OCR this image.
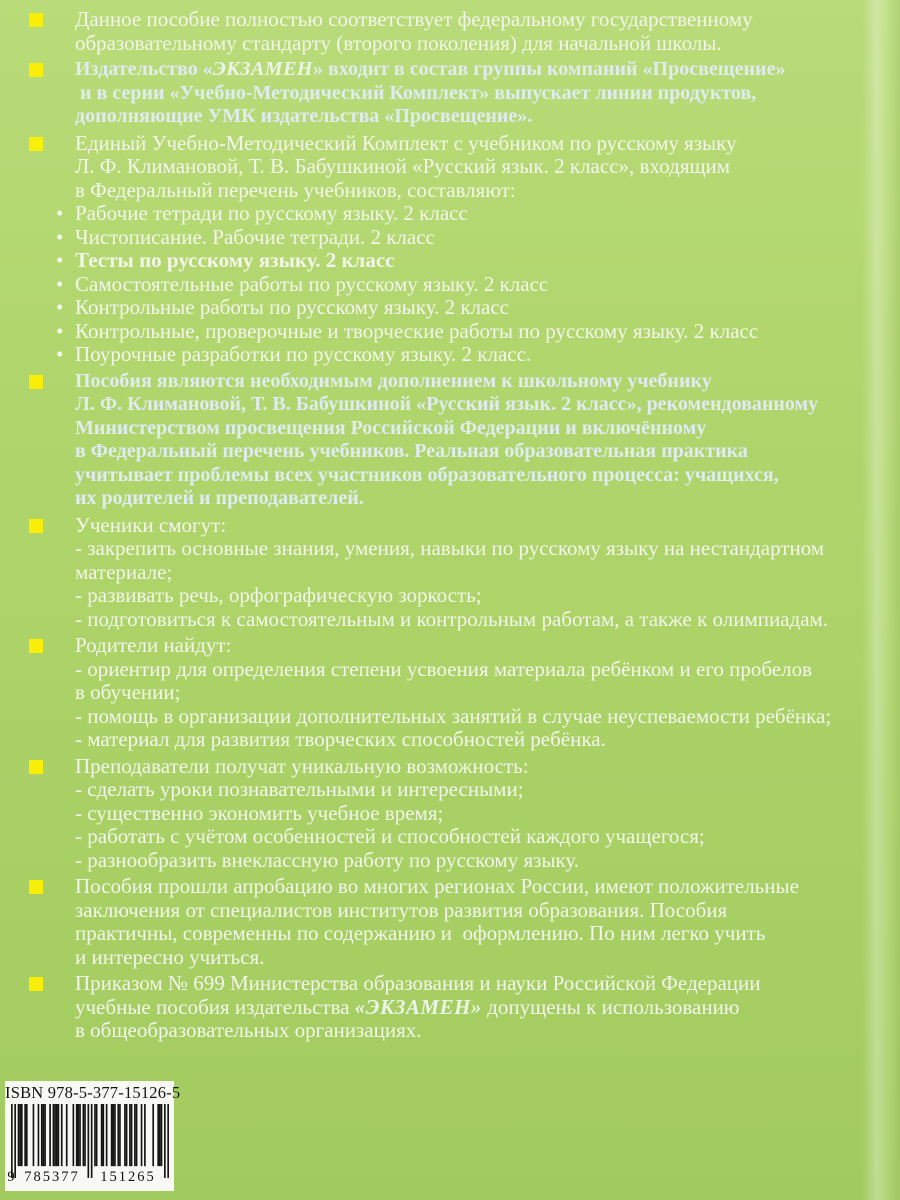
Данное пособие полностью соответствует федеральному государственному
образовательному стандарту (второго поколения) для начальной школы.
Издательство «ЭКЗАМЕН» входит в состав группы компаний «Просвещение»
и в серии «Учебно-Методический Комплект» выпускает линии продуктов,
дополняющие УМК издательства «Просвещение».
Единый Учебно-Методический Комплект с учебником по русскому языку
Л. Ф. Климановой, Т. В. Бабушкиной «Русский язык. 2 класс», входящим
в Федеральный перечень учебников, составляют:
• Рабочие тетради по русскому языку. 2 класс
• Чистописание. Рабочие тетради. 2 класс
• Тесты по русскому языку. 2 класс
• Самостоятельные работы по русскому языку. 2 класс
• Контрольные работы по русскому языку. 2 класс
• Контрольные, проверочные и творческие работы по русскому языку. 2 класс
• Поурочные разработки по русскому языку. 2 класс.
Пособия являются необходимым дополнением к школьному учебнику
Л. Ф. Климановой, Т. В. Бабушкиной «Русский язык. 2 класс», рекомендованному
Министерством просвещения Российской Федерации и включённому
в Федеральный перечень учебников. Реальная образовательная практика
учитывает проблемы всех участников образовательного процесса: учащихся,
их родителей и преподавателей.
Ученики смогут:
- закрепить основные знания, умения, навыки по русскому языку на нестандартном
материале;
- развивать речь, орфографическую зоркость;
- подготовиться к самостоятельным и контрольным работам, а также к олимпиадам.
Родители найдут:
- ориентир для определения степени усвоения материала ребёнком и его пробелов
в обучении;
- помощь в организации дополнительных занятий в случае неуспеваемости ребёнка;
- материал для развития творческих способностей ребёнка.
Преподаватели получат уникальную возможность:
- сделать уроки познавательными и интересными;
- существенно экономить учебное время;
- работать с учётом особенностей и способностей каждого учащегося;
- разнообразить внеклассную работу по русскому языку.
Пособия прошли апробацию во многих регионах России, имеют положительные
заключения от специалистов институтов развития образования. Пособия
практичны, современны по содержанию и  оформлению. По ним легко учить
и интересно учиться.
Приказом № 699 Министерства образования и науки Российской Федерации
учебные пособия издательства «ЭКЗАМЕН» допущены к использованию
в общеобразовательных организациях.
ISBN 978-5-377-15126-5
9 785377	151265
